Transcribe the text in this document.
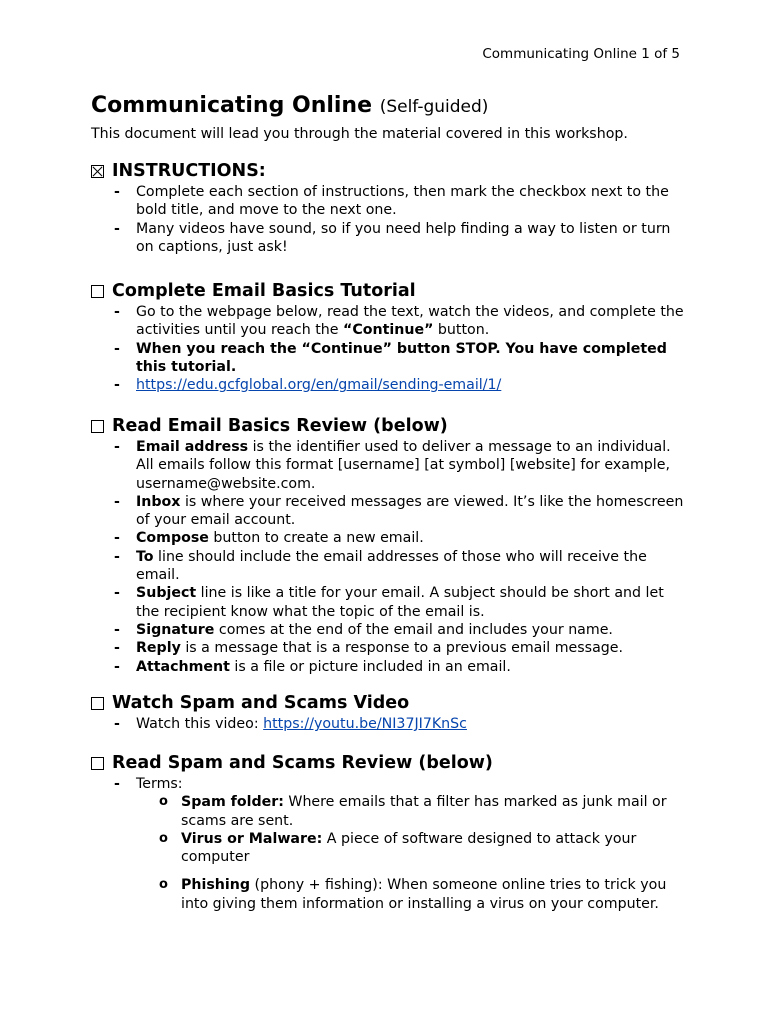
Communicating Online 1 of 5
Communicating Online (Self-guided)

This document will lead you through the material covered in this workshop.

INSTRUCTIONS:
- Complete each section of instructions, then mark the checkbox next to the bold title, and move to the next one.
- Many videos have sound, so if you need help finding a way to listen or turn on captions, just ask!
Complete Email Basics Tutorial
- Go to the webpage below, read the text, watch the videos, and complete the activities until you reach the “Continue” button.
- When you reach the “Continue” button STOP. You have completed this tutorial.
- https://edu.gcfglobal.org/en/gmail/sending-email/1/
Read Email Basics Review (below)
- Email address is the identifier used to deliver a message to an individual. All emails follow this format [username] [at symbol] [website] for example, username@website.com.
- Inbox is where your received messages are viewed. It’s like the homescreen of your email account.
- Compose button to create a new email.
- To line should include the email addresses of those who will receive the email.
- Subject line is like a title for your email. A subject should be short and let the recipient know what the topic of the email is.
- Signature comes at the end of the email and includes your name.
- Reply is a message that is a response to a previous email message.
- Attachment is a file or picture included in an email.
Watch Spam and Scams Video
- Watch this video: https://youtu.be/NI37JI7KnSc
Read Spam and Scams Review (below)
- Terms:
o Spam folder: Where emails that a filter has marked as junk mail or scams are sent.
o Virus or Malware: A piece of software designed to attack your computer
o Phishing (phony + fishing): When someone online tries to trick you into giving them information or installing a virus on your computer.
